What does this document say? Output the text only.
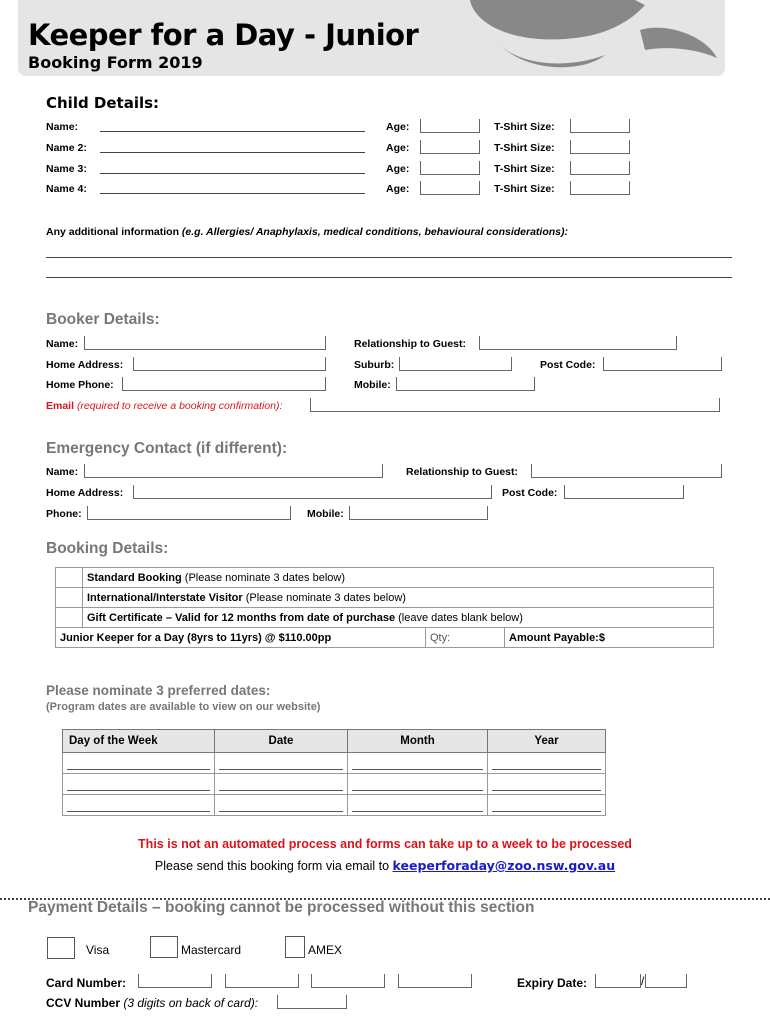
Keeper for a Day - Junior
Booking Form 2019
Child Details:
Name:	Age:	T-Shirt Size:
Name 2:	Age:	T-Shirt Size:
Name 3:	Age:	T-Shirt Size:
Name 4:	Age:	T-Shirt Size:
Any additional information (e.g. Allergies/ Anaphylaxis, medical conditions, behavioural considerations):
Booker Details:
Name:	Relationship to Guest:
Home Address:	Suburb:	Post Code:
Home Phone:	Mobile:
Email (required to receive a booking confirmation):
Emergency Contact (if different):
Name:	Relationship to Guest:
Home Address:	Post Code:
Phone:	Mobile:
Booking Details:
	Standard Booking (Please nominate 3 dates below)		
	International/Interstate Visitor (Please nominate 3 dates below)		
	Gift Certificate – Valid for 12 months from date of purchase (leave dates blank below)		
Junior Keeper for a Day (8yrs to 11yrs) @ $110.00pp		Qty:	Amount Payable:$
Please nominate 3 preferred dates:
(Program dates are available to view on our website)
Day of the Week	Date	Month	Year

This is not an automated process and forms can take up to a week to be processed
Please send this booking form via email to keeperforaday@zoo.nsw.gov.au
Payment Details – booking cannot be processed without this section
Visa	Mastercard	AMEX
Card Number:	Expiry Date:	/
CCV Number (3 digits on back of card):
